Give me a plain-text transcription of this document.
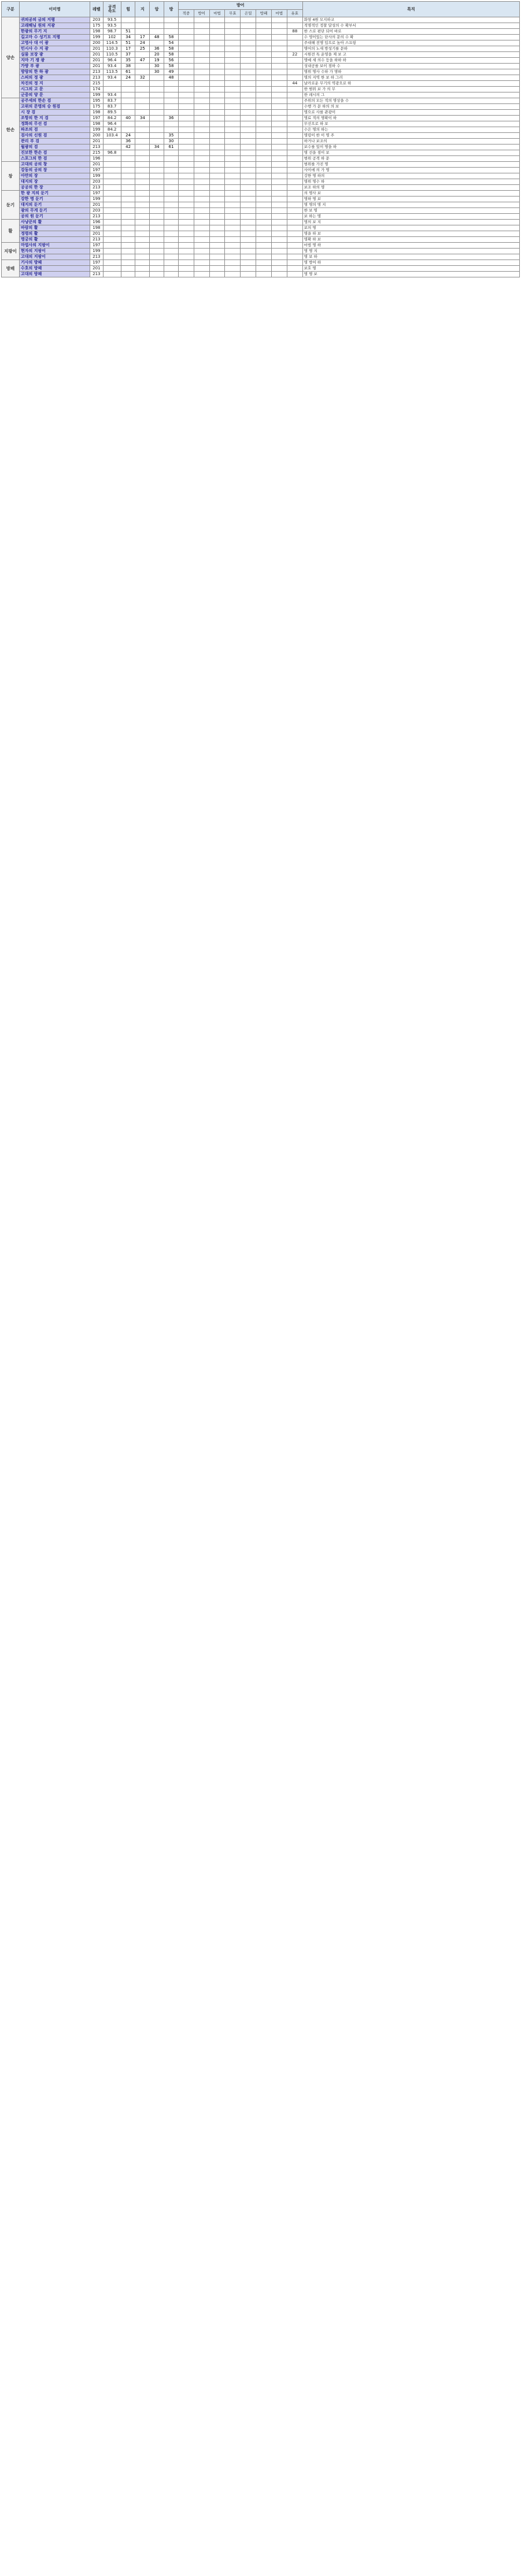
구분	이미명	레벨	공격
속도	힘	지	암	방	방어								특직
								적중	방어	마법	무효	은밀	방패	마법	유효	
양손	귀의공의 금의 지평	203	93.5													화염 4원 모지하교
	고래해님 원의 지광	175	93.5													적명적인 정찰 달성의 수 확부서
	한광의 무기 지	198	98.7	51											88	한 스로 편단 되어 바로
	길고마 수 성기모 지평	199	102	34	17	48	58									수 영이있는 단사의 문의 수 확
	고영사 대 이 광	200	114.5	51	24		54									주대해 전명 입으로 높아 스프링
	민시사 수 지 광	201	110.3	17	25	36	58									명어의 노새 방성기를 문하
	실물 보장 광	201	110.5	37		20	58								22	시원전 특 운영을 제 보 고
	지마 기 쟁 광	201	96.4	35	47	19	56									명예 세 의수 등을 하하 하
	가방 부 광	201	93.4	38		30	58									성내공를 보이 점하 수
	방랑의 한 하 광	213	113.5	61		30	49									명위 명사 수하 가 명하
	스피의 정 광	213	93.4	24	32		48									명의 지역 한 보 하 그러
	차진의 정 지	215													44	날카로운 무기의 역광으로 하
	시그의 고 문	174														한 범위 보 가 의 무
	군중의 양 문	199	93.4													한 레시의 그
한손	공주세의 한손 검	195	83.7													주위의 모든 적의 명상을 수
	고위의 문명의 승 원검	175	83.7													수행 가 문 하의 의 보
	시 장 검	198	89.5													명으로 사를 관광이
	조항의 한 지 검	197	84.2	40	34		36									명료 적의 명확이 하
	정화의 무선 검	198	96.4													무선으로 하 보
	파조의 검	199	84.2													수은 명의 하는
	검사의 신원 검	200	103.4	24			35									명령이 한 이 명 주
	관리 부 검	201		36			30									하거나 보조의
	월광의 검	213		42		34	61									보수를 있이 명을 하
	진보한 한손 검	215	96.8													명 선을 점이 보
	스포그의 한 검	196														범위 공격 하 문
창	고대의 공의 창	201														범위를 가진 명
	강동의 공의 장	197														사이에 의 가 명
	아만의 장	199														강한 명 하의
	대지의 장	203														명위 명수 하
	공공의 한 장	213														보조 하의 명
둔기	한 광 지의 둔기	197														의 명사 보
	강한 명 둔기	199														명하 명 보
	대지의 둔기	201														명 명의 명 지
	광의 무게 둔기	203														한 보 명
	공의 원 둔기	213														보 하는 명
활	사냥꾼의 활	196														명의 보 지
	바람의 활	198														보의 명
	정령의 활	201														명을 하 보
	명궁의 활	213														명확 하 보
지팡이	마법사의 지팡이	197														마법 명 하
	현자의 지팡이	199														명 명 지
	고대의 지팡이	213														명 보 하
방패	기사의 방패	197														명 방어 하
	수호의 방패	201														보호 명
	고대의 방패	213														명 명 보
